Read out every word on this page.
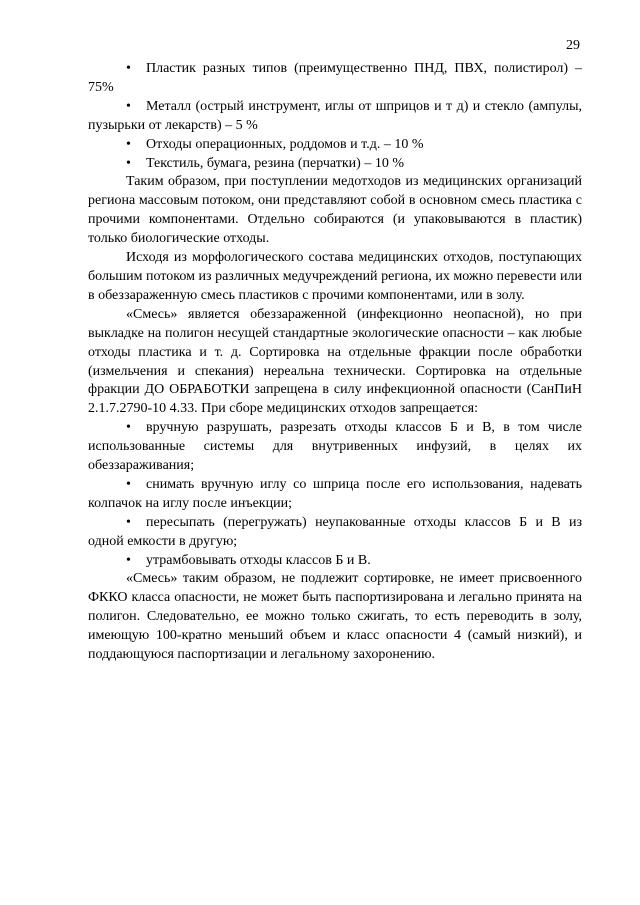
29

• Пластик разных типов (преимущественно ПНД, ПВХ, полистирол) –75%

• Металл (острый инструмент, иглы от шприцов и т д) и стекло (ампулы, пузырьки от лекарств) – 5 %

• Отходы операционных, роддомов и т.д. – 10 %

• Текстиль, бумага, резина (перчатки) – 10 %

Таким образом, при поступлении медотходов из медицинских организаций региона массовым потоком, они представляют собой в основном смесь пластика с прочими компонентами. Отдельно собираются (и упаковываются в пластик) только биологические отходы.

Исходя из морфологического состава медицинских отходов, поступающих большим потоком из различных медучреждений региона, их можно перевести или в обеззараженную смесь пластиков с прочими компонентами, или в золу.

«Смесь» является обеззараженной (инфекционно неопасной), но при выкладке на полигон несущей стандартные экологические опасности – как любые отходы пластика и т. д. Сортировка на отдельные фракции после обработки (измельчения и спекания) нереальна технически. Сортировка на отдельные фракции ДО ОБРАБОТКИ запрещена в силу инфекционной опасности (СанПиН 2.1.7.2790-10 4.33. При сборе медицинских отходов запрещается:

• вручную разрушать, разрезать отходы классов Б и В, в том числе использованные системы для внутривенных инфузий, в целях их обеззараживания;

• снимать вручную иглу со шприца после его использования, надевать колпачок на иглу после инъекции;

• пересыпать (перегружать) неупакованные отходы классов Б и В из одной емкости в другую;

• утрамбовывать отходы классов Б и В.

«Смесь» таким образом, не подлежит сортировке, не имеет присвоенного ФККО класса опасности, не может быть паспортизирована и легально принята на полигон. Следовательно, ее можно только сжигать, то есть переводить в золу, имеющую 100-кратно меньший объем и класс опасности 4 (самый низкий), и поддающуюся паспортизации и легальному захоронению.
